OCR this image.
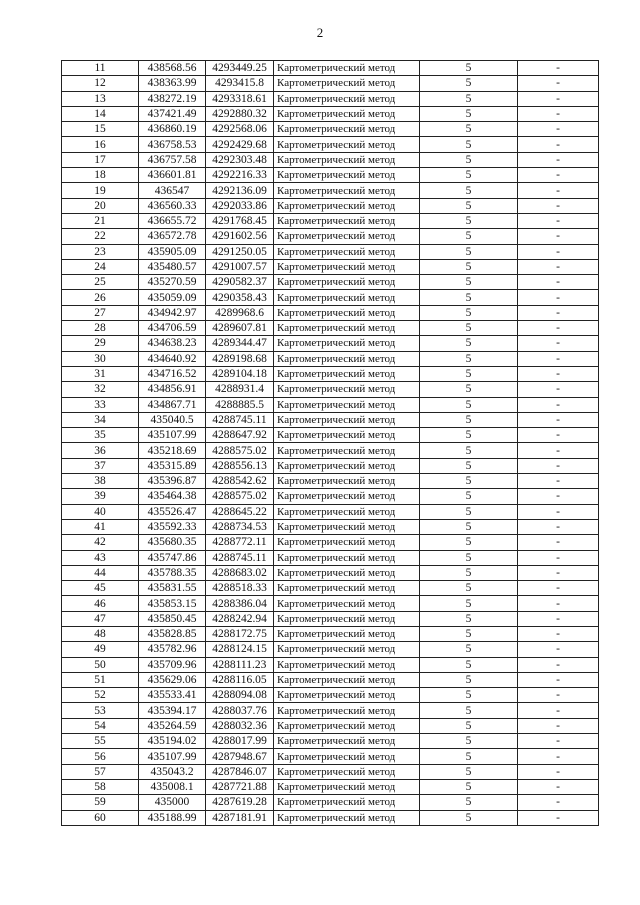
2
11	438568.56	4293449.25	Картометрический метод	5	-
12	438363.99	4293415.8	Картометрический метод	5	-
13	438272.19	4293318.61	Картометрический метод	5	-
14	437421.49	4292880.32	Картометрический метод	5	-
15	436860.19	4292568.06	Картометрический метод	5	-
16	436758.53	4292429.68	Картометрический метод	5	-
17	436757.58	4292303.48	Картометрический метод	5	-
18	436601.81	4292216.33	Картометрический метод	5	-
19	436547	4292136.09	Картометрический метод	5	-
20	436560.33	4292033.86	Картометрический метод	5	-
21	436655.72	4291768.45	Картометрический метод	5	-
22	436572.78	4291602.56	Картометрический метод	5	-
23	435905.09	4291250.05	Картометрический метод	5	-
24	435480.57	4291007.57	Картометрический метод	5	-
25	435270.59	4290582.37	Картометрический метод	5	-
26	435059.09	4290358.43	Картометрический метод	5	-
27	434942.97	4289968.6	Картометрический метод	5	-
28	434706.59	4289607.81	Картометрический метод	5	-
29	434638.23	4289344.47	Картометрический метод	5	-
30	434640.92	4289198.68	Картометрический метод	5	-
31	434716.52	4289104.18	Картометрический метод	5	-
32	434856.91	4288931.4	Картометрический метод	5	-
33	434867.71	4288885.5	Картометрический метод	5	-
34	435040.5	4288745.11	Картометрический метод	5	-
35	435107.99	4288647.92	Картометрический метод	5	-
36	435218.69	4288575.02	Картометрический метод	5	-
37	435315.89	4288556.13	Картометрический метод	5	-
38	435396.87	4288542.62	Картометрический метод	5	-
39	435464.38	4288575.02	Картометрический метод	5	-
40	435526.47	4288645.22	Картометрический метод	5	-
41	435592.33	4288734.53	Картометрический метод	5	-
42	435680.35	4288772.11	Картометрический метод	5	-
43	435747.86	4288745.11	Картометрический метод	5	-
44	435788.35	4288683.02	Картометрический метод	5	-
45	435831.55	4288518.33	Картометрический метод	5	-
46	435853.15	4288386.04	Картометрический метод	5	-
47	435850.45	4288242.94	Картометрический метод	5	-
48	435828.85	4288172.75	Картометрический метод	5	-
49	435782.96	4288124.15	Картометрический метод	5	-
50	435709.96	4288111.23	Картометрический метод	5	-
51	435629.06	4288116.05	Картометрический метод	5	-
52	435533.41	4288094.08	Картометрический метод	5	-
53	435394.17	4288037.76	Картометрический метод	5	-
54	435264.59	4288032.36	Картометрический метод	5	-
55	435194.02	4288017.99	Картометрический метод	5	-
56	435107.99	4287948.67	Картометрический метод	5	-
57	435043.2	4287846.07	Картометрический метод	5	-
58	435008.1	4287721.88	Картометрический метод	5	-
59	435000	4287619.28	Картометрический метод	5	-
60	435188.99	4287181.91	Картометрический метод	5	-
